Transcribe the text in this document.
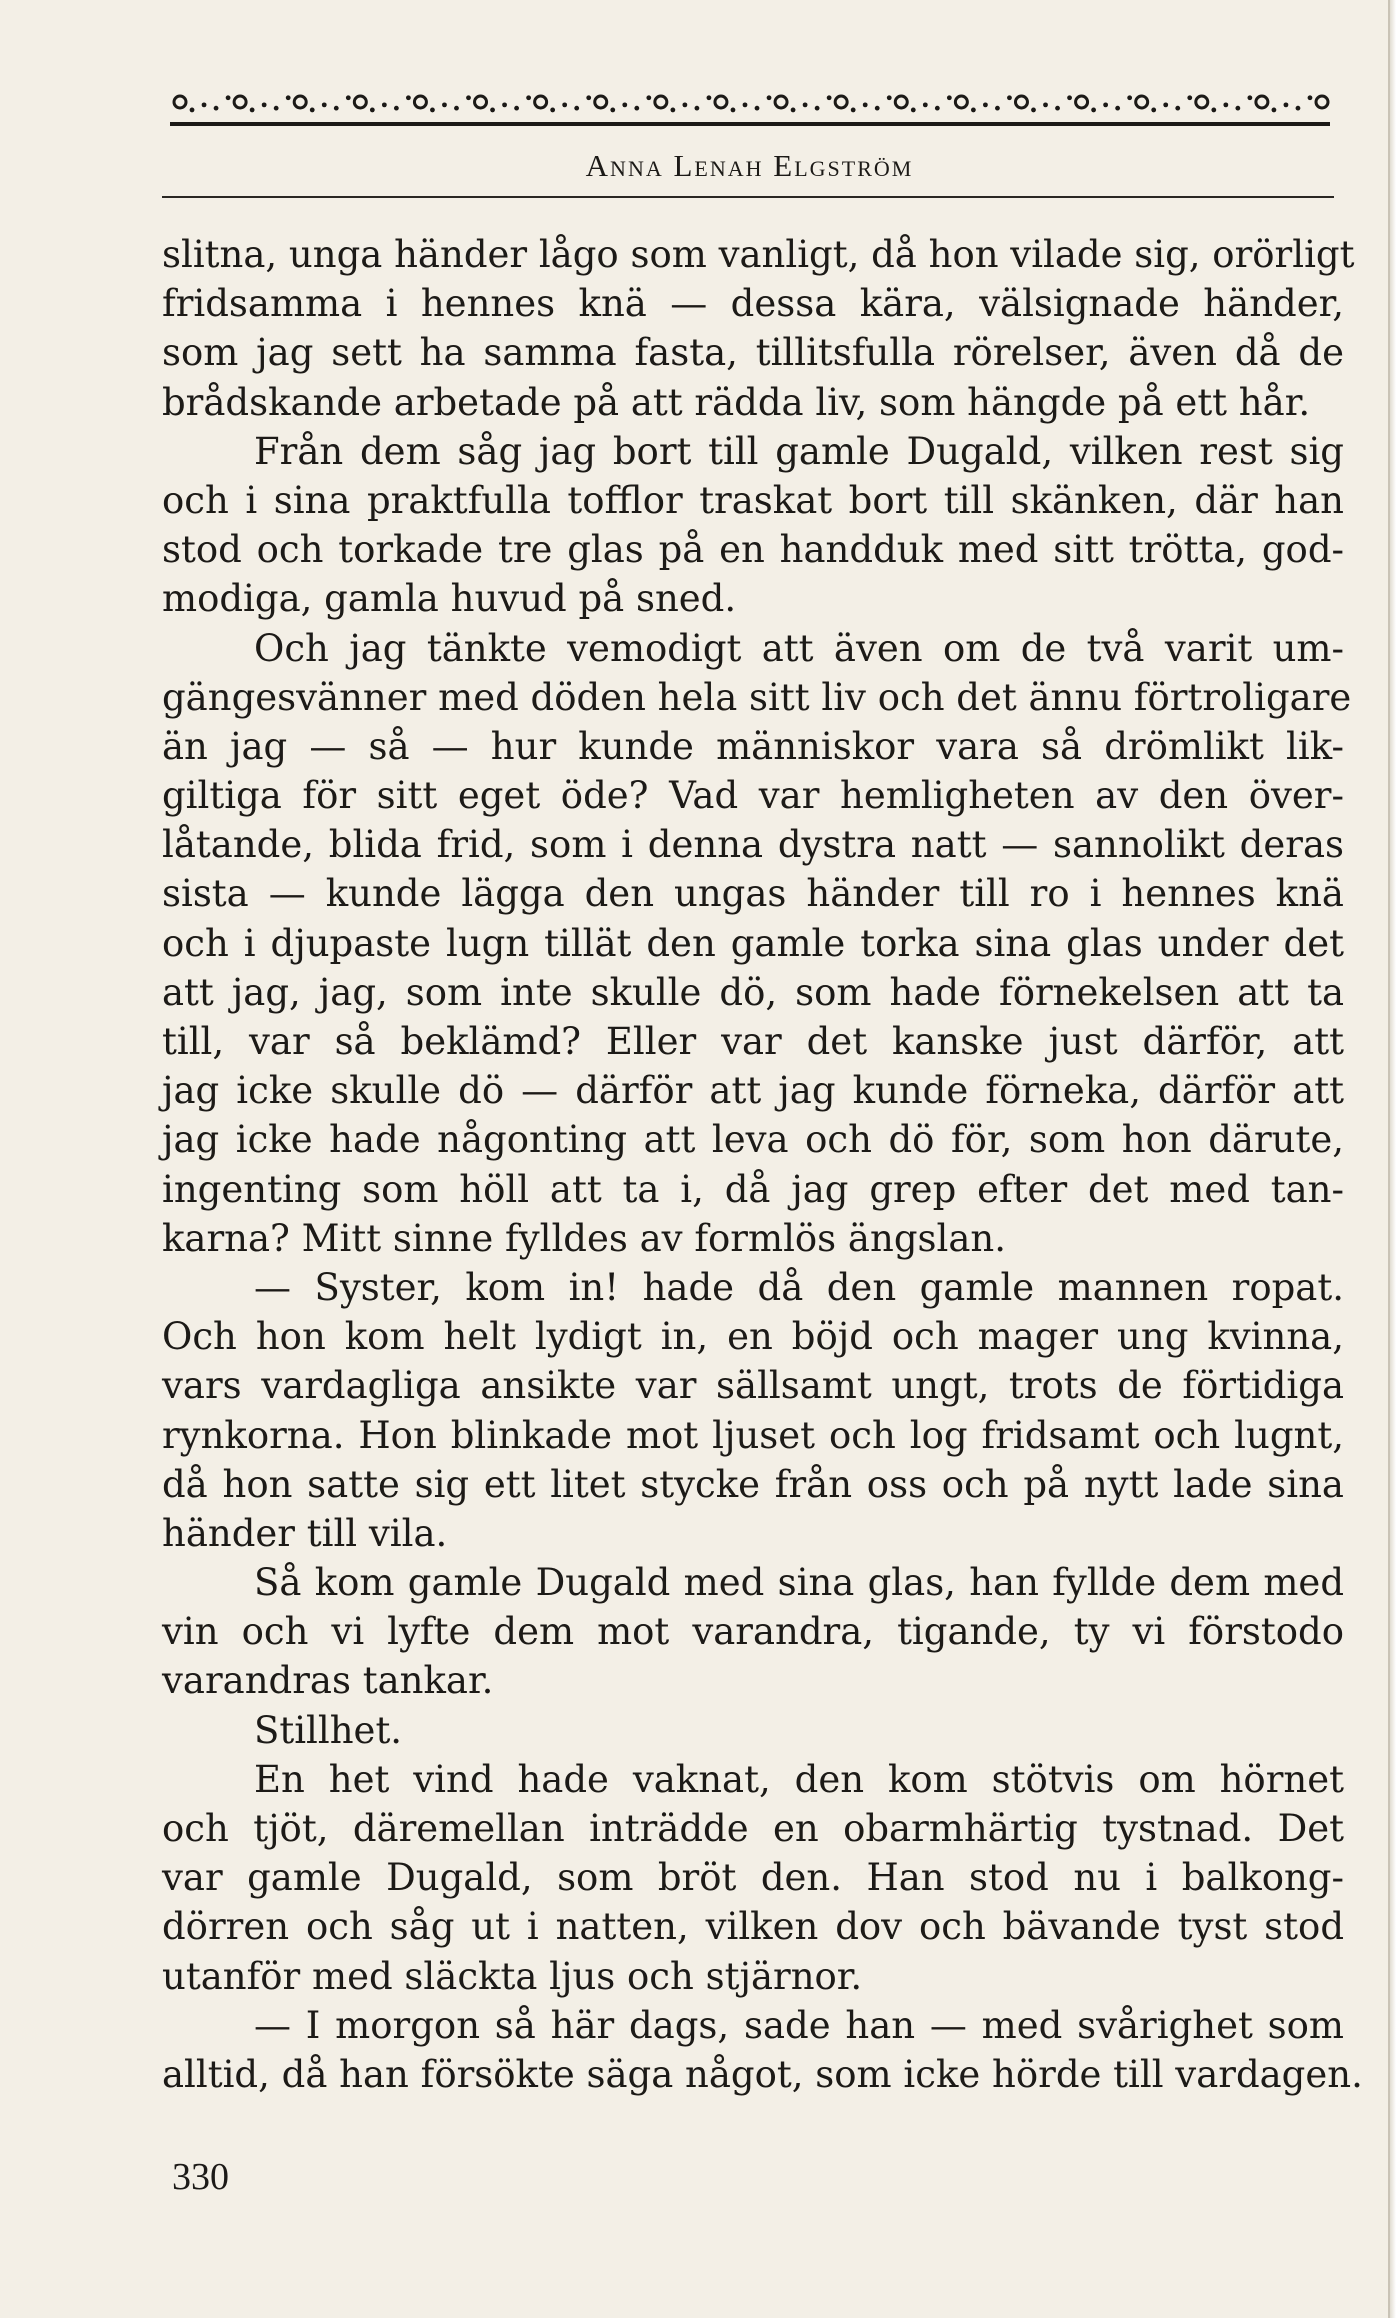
Anna Lenah Elgström
slitna, unga händer lågo som vanligt, då hon vilade sig, orörligt
fridsamma i hennes knä — dessa kära, välsignade händer,
som jag sett ha samma fasta, tillitsfulla rörelser, även då de
brådskande arbetade på att rädda liv, som hängde på ett hår.
Från dem såg jag bort till gamle Dugald, vilken rest sig
och i sina praktfulla tofflor traskat bort till skänken, där han
stod och torkade tre glas på en handduk med sitt trötta, god-
modiga, gamla huvud på sned.
Och jag tänkte vemodigt att även om de två varit um-
gängesvänner med döden hela sitt liv och det ännu förtroligare
än jag — så — hur kunde människor vara så drömlikt lik-
giltiga för sitt eget öde? Vad var hemligheten av den över-
låtande, blida frid, som i denna dystra natt — sannolikt deras
sista — kunde lägga den ungas händer till ro i hennes knä
och i djupaste lugn tillät den gamle torka sina glas under det
att jag, jag, som inte skulle dö, som hade förnekelsen att ta
till, var så beklämd? Eller var det kanske just därför, att
jag icke skulle dö — därför att jag kunde förneka, därför att
jag icke hade någonting att leva och dö för, som hon därute,
ingenting som höll att ta i, då jag grep efter det med tan-
karna? Mitt sinne fylldes av formlös ängslan.
— Syster, kom in! hade då den gamle mannen ropat.
Och hon kom helt lydigt in, en böjd och mager ung kvinna,
vars vardagliga ansikte var sällsamt ungt, trots de förtidiga
rynkorna. Hon blinkade mot ljuset och log fridsamt och lugnt,
då hon satte sig ett litet stycke från oss och på nytt lade sina
händer till vila.
Så kom gamle Dugald med sina glas, han fyllde dem med
vin och vi lyfte dem mot varandra, tigande, ty vi förstodo
varandras tankar.
Stillhet.
En het vind hade vaknat, den kom stötvis om hörnet
och tjöt, däremellan inträdde en obarmhärtig tystnad. Det
var gamle Dugald, som bröt den. Han stod nu i balkong-
dörren och såg ut i natten, vilken dov och bävande tyst stod
utanför med släckta ljus och stjärnor.
— I morgon så här dags, sade han — med svårighet som
alltid, då han försökte säga något, som icke hörde till vardagen.
330
